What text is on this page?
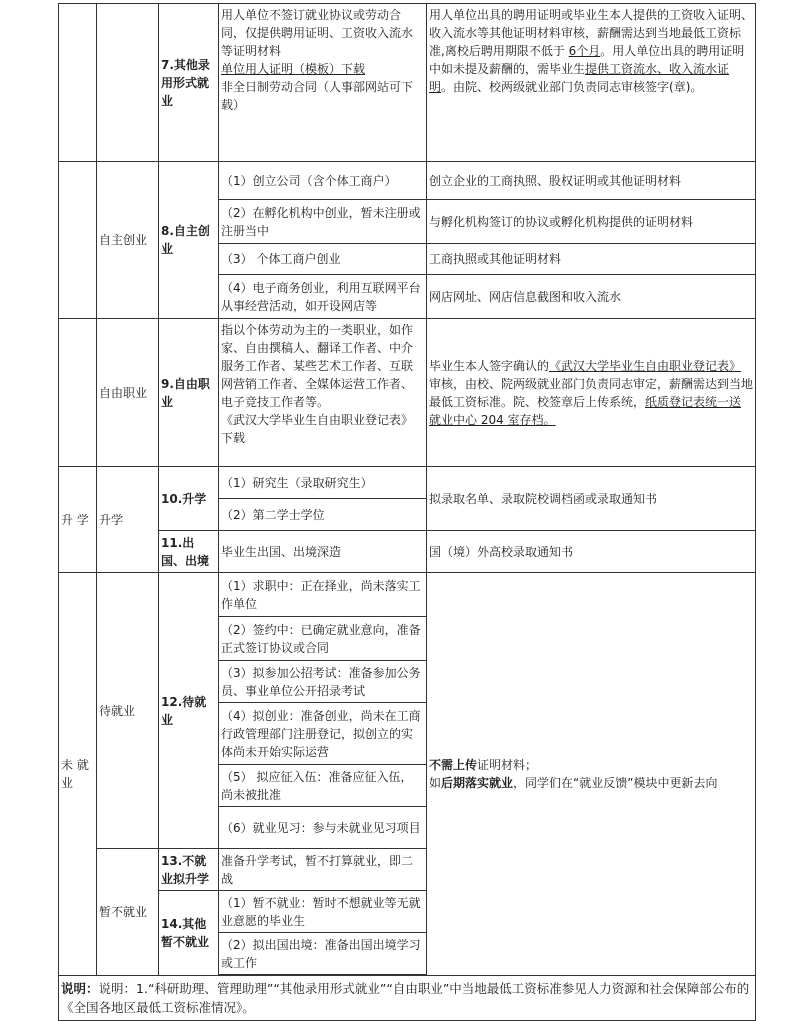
		7.其他录用形式就业	用人单位不签订就业协议或劳动合同，仅提供聘用证明、工资收入流水等证明材料
单位用人证明（模板）下载
非全日制劳动合同（人事部网站可下载）	用人单位出具的聘用证明或毕业生本人提供的工资收入证明、收入流水等其他证明材料审核，薪酬需达到当地最低工资标准,离校后聘用期限不低于 6个月。用人单位出具的聘用证明中如未提及薪酬的，需毕业生提供工资流水、收入流水证明。由院、校两级就业部门负责同志审核签字(章)。
	自主创业	8.自主创业	（1）创立公司（含个体工商户）	创立企业的工商执照、股权证明或其他证明材料
			（2）在孵化机构中创业，暂未注册或注册当中	与孵化机构签订的协议或孵化机构提供的证明材料
			（3） 个体工商户创业	工商执照或其他证明材料
			（4）电子商务创业，利用互联网平台从事经营活动，如开设网店等	网店网址、网店信息截图和收入流水
	自由职业	9.自由职业	指以个体劳动为主的一类职业，如作家、自由撰稿人、翻译工作者、中介服务工作者、某些艺术工作者、互联网营销工作者、全媒体运营工作者、电子竞技工作者等。
《武汉大学毕业生自由职业登记表》下载	毕业生本人签字确认的《武汉大学毕业生自由职业登记表》审核，由校、院两级就业部门负责同志审定，薪酬需达到当地最低工资标准。院、校签章后上传系统，纸质登记表统一送就业中心 204 室存档。
升 学	升学	10.升学	（1）研究生（录取研究生）	拟录取名单、录取院校调档函或录取通知书
			（2）第二学士学位	
		11.出国、出境	毕业生出国、出境深造	国（境）外高校录取通知书
未 就业	待就业	12.待就业	（1）求职中：正在择业，尚未落实工作单位	不需上传证明材料；
如后期落实就业，同学们在“就业反馈”模块中更新去向
			（2）签约中：已确定就业意向，准备正式签订协议或合同	
			（3）拟参加公招考试：准备参加公务员、事业单位公开招录考试	
			（4）拟创业：准备创业，尚未在工商行政管理部门注册登记，拟创立的实体尚未开始实际运营	
			（5） 拟应征入伍：准备应征入伍，尚未被批准	
			（6）就业见习：参与未就业见习项目	
	暂不就业	13.不就业拟升学	准备升学考试，暂不打算就业，即二战	
		14.其他暂不就业	（1）暂不就业：暂时不想就业等无就业意愿的毕业生	
			（2）拟出国出境：准备出国出境学习或工作	

说明：说明：1.“科研助理、管理助理”“其他录用形式就业”“自由职业”中当地最低工资标准参见人力资源和社会保障部公布的《全国各地区最低工资标准情况》。				
